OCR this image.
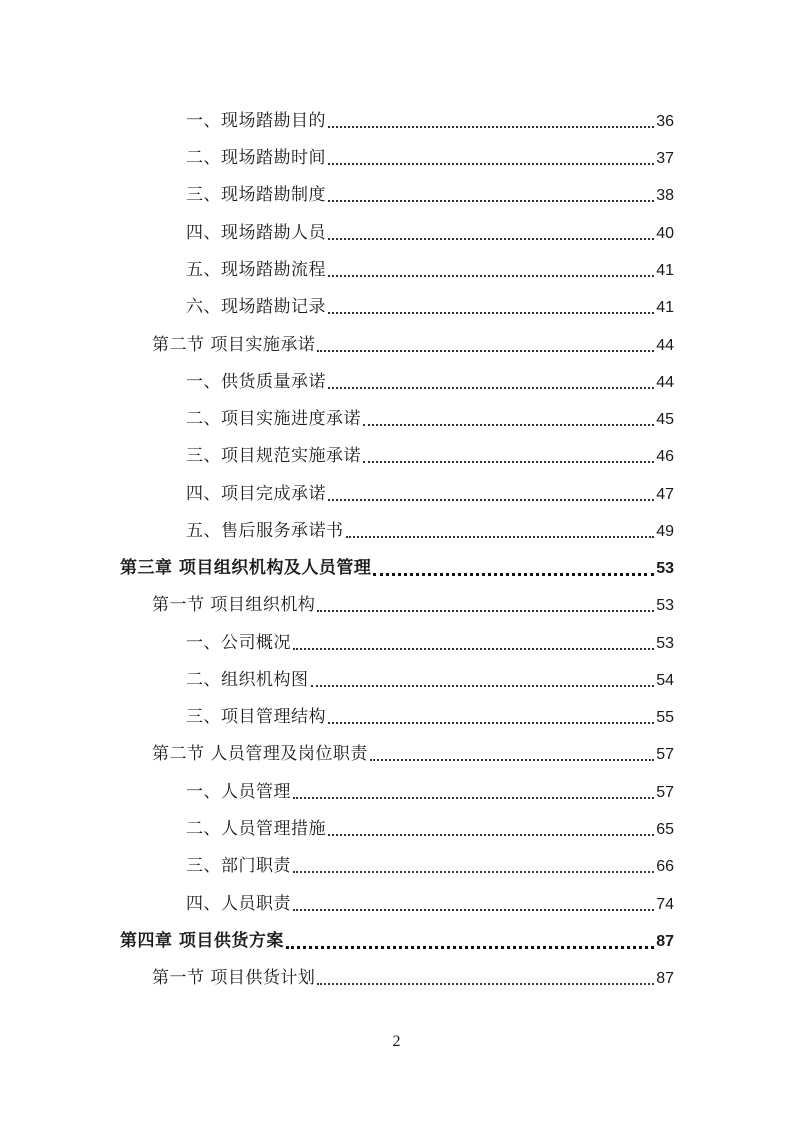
一、现场踏勘目的	36
二、现场踏勘时间	37
三、现场踏勘制度	38
四、现场踏勘人员	40
五、现场踏勘流程	41
六、现场踏勘记录	41
第二节 项目实施承诺	44
一、供货质量承诺	44
二、项目实施进度承诺	45
三、项目规范实施承诺	46
四、项目完成承诺	47
五、售后服务承诺书	49
第三章 项目组织机构及人员管理	53
第一节 项目组织机构	53
一、公司概况	53
二、组织机构图	54
三、项目管理结构	55
第二节 人员管理及岗位职责	57
一、人员管理	57
二、人员管理措施	65
三、部门职责	66
四、人员职责	74
第四章 项目供货方案	87
第一节 项目供货计划	87
2
